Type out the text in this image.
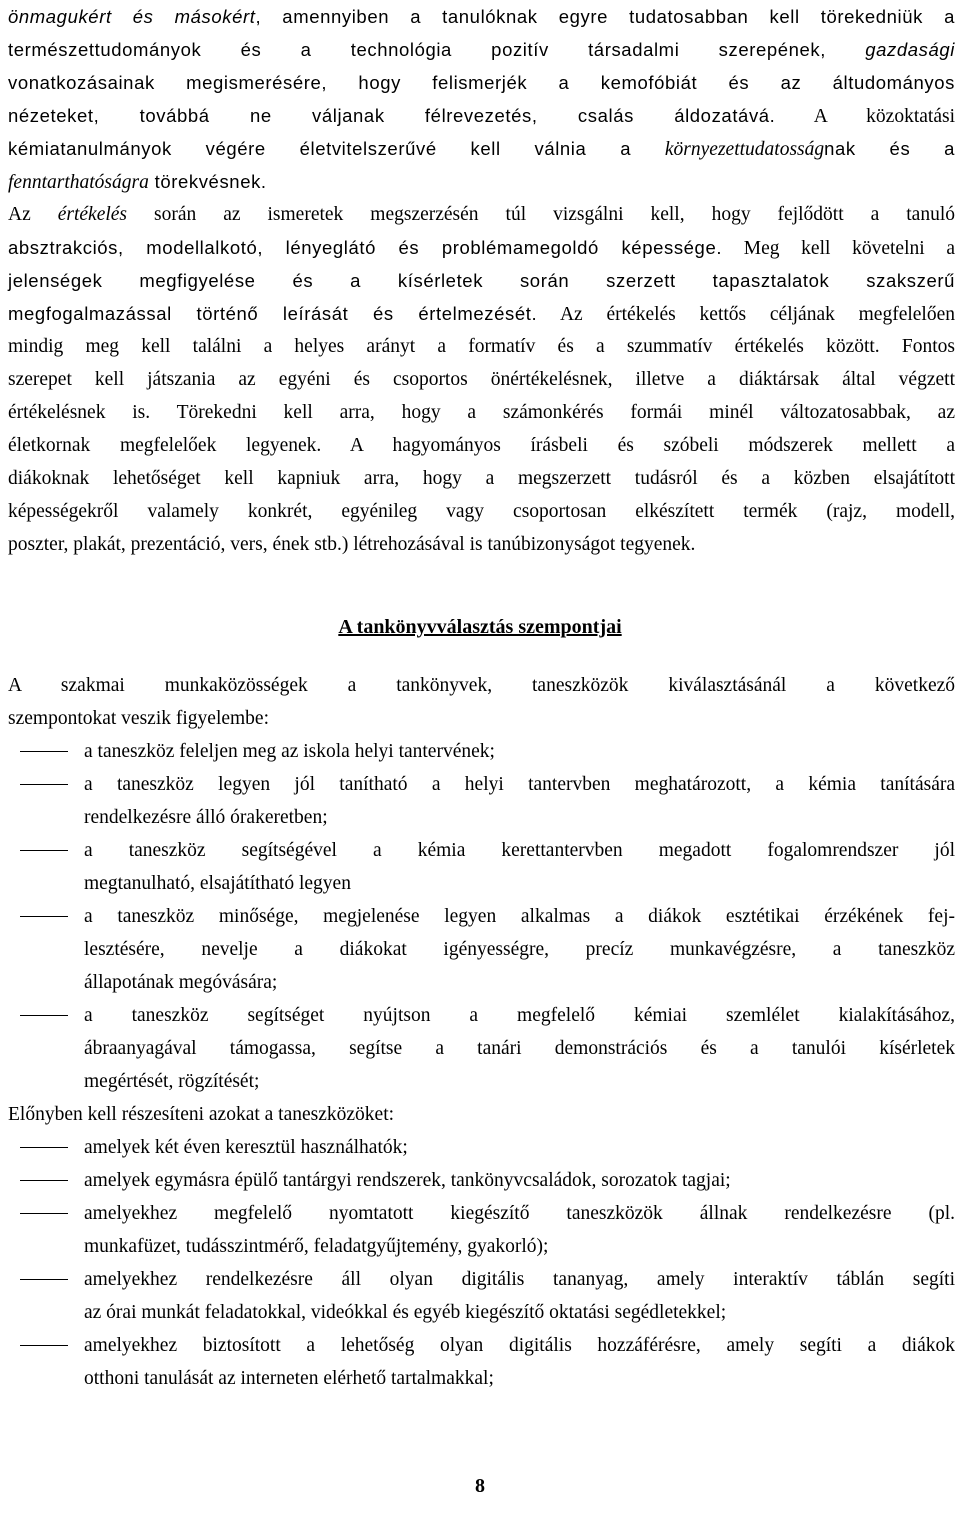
önmagukért és másokért, amennyiben a tanulóknak egyre tudatosabban kell törekedniük a
természettudományok és a technológia pozitív társadalmi szerepének, gazdasági
vonatkozásainak megismerésére, hogy felismerjék a kemofóbiát és az áltudományos
nézeteket, továbbá ne váljanak félrevezetés, csalás áldozatává. A közoktatási
kémiatanulmányok végére életvitelszerűvé kell válnia a környezettudatosságnak és a
fenntarthatóságra törekvésnek.
Az értékelés során az ismeretek megszerzésén túl vizsgálni kell, hogy fejlődött a tanuló
absztrakciós, modellalkotó, lényeglátó és problémamegoldó képessége. Meg kell követelni a
jelenségek megfigyelése és a kísérletek során szerzett tapasztalatok szakszerű
megfogalmazással történő leírását és értelmezését. Az értékelés kettős céljának megfelelően
mindig meg kell találni a helyes arányt a formatív és a szummatív értékelés között. Fontos
szerepet kell játszania az egyéni és csoportos önértékelésnek, illetve a diáktársak által végzett
értékelésnek is. Törekedni kell arra, hogy a számonkérés formái minél változatosabbak, az
életkornak megfelelőek legyenek. A hagyományos írásbeli és szóbeli módszerek mellett a
diákoknak lehetőséget kell kapniuk arra, hogy a megszerzett tudásról és a közben elsajátított
képességekről valamely konkrét, egyénileg vagy csoportosan elkészített termék (rajz, modell,
poszter, plakát, prezentáció, vers, ének stb.) létrehozásával is tanúbizonyságot tegyenek.
A tankönyvválasztás szempontjai
A szakmai munkaközösségek a tankönyvek, taneszközök kiválasztásánál a következő
szempontokat veszik figyelembe:
a taneszköz feleljen meg az iskola helyi tantervének;
a taneszköz legyen jól tanítható a helyi tantervben meghatározott, a kémia tanítására
rendelkezésre álló órakeretben;
a taneszköz segítségével a kémia kerettantervben megadott fogalomrendszer jól
megtanulható, elsajátítható legyen
a taneszköz minősége, megjelenése legyen alkalmas a diákok esztétikai érzékének fej-
lesztésére, nevelje a diákokat igényességre, precíz munkavégzésre, a taneszköz
állapotának megóvására;
a taneszköz segítséget nyújtson a megfelelő kémiai szemlélet kialakításához,
ábraanyagával támogassa, segítse a tanári demonstrációs és a tanulói kísérletek
megértését, rögzítését;
Előnyben kell részesíteni azokat a taneszközöket:
amelyek két éven keresztül használhatók;
amelyek egymásra épülő tantárgyi rendszerek, tankönyvcsaládok, sorozatok tagjai;
amelyekhez megfelelő nyomtatott kiegészítő taneszközök állnak rendelkezésre (pl.
munkafüzet, tudásszintmérő, feladatgyűjtemény, gyakorló);
amelyekhez rendelkezésre áll olyan digitális tananyag, amely interaktív táblán segíti
az órai munkát feladatokkal, videókkal és egyéb kiegészítő oktatási segédletekkel;
amelyekhez biztosított a lehetőség olyan digitális hozzáférésre, amely segíti a diákok
otthoni tanulását az interneten elérhető tartalmakkal;
8
